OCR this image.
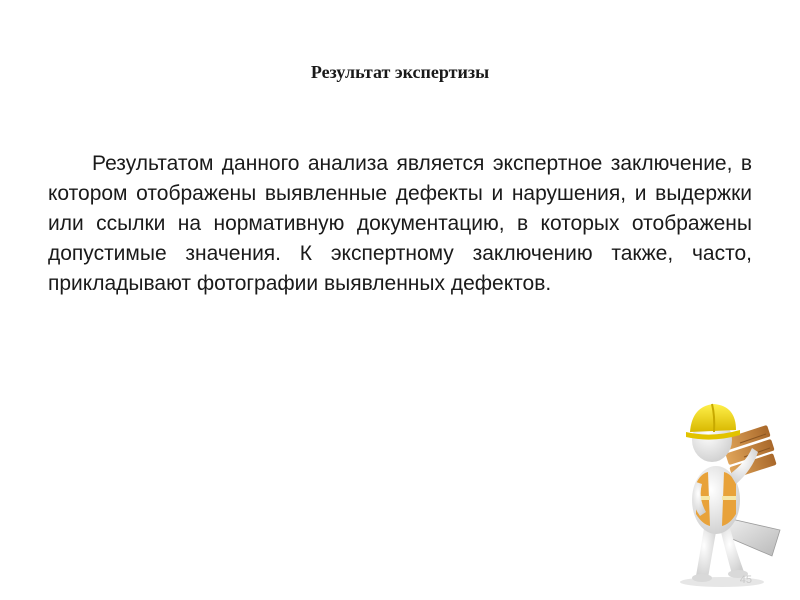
Результат экспертизы

Результатом данного анализа является экспертное заключение, в котором отображены выявленные дефекты и нарушения, и выдержки или ссылки на нормативную документацию, в которых отображены допустимые значения. К экспертному заключению также, часто, прикладывают фотографии выявленных дефектов.

45
